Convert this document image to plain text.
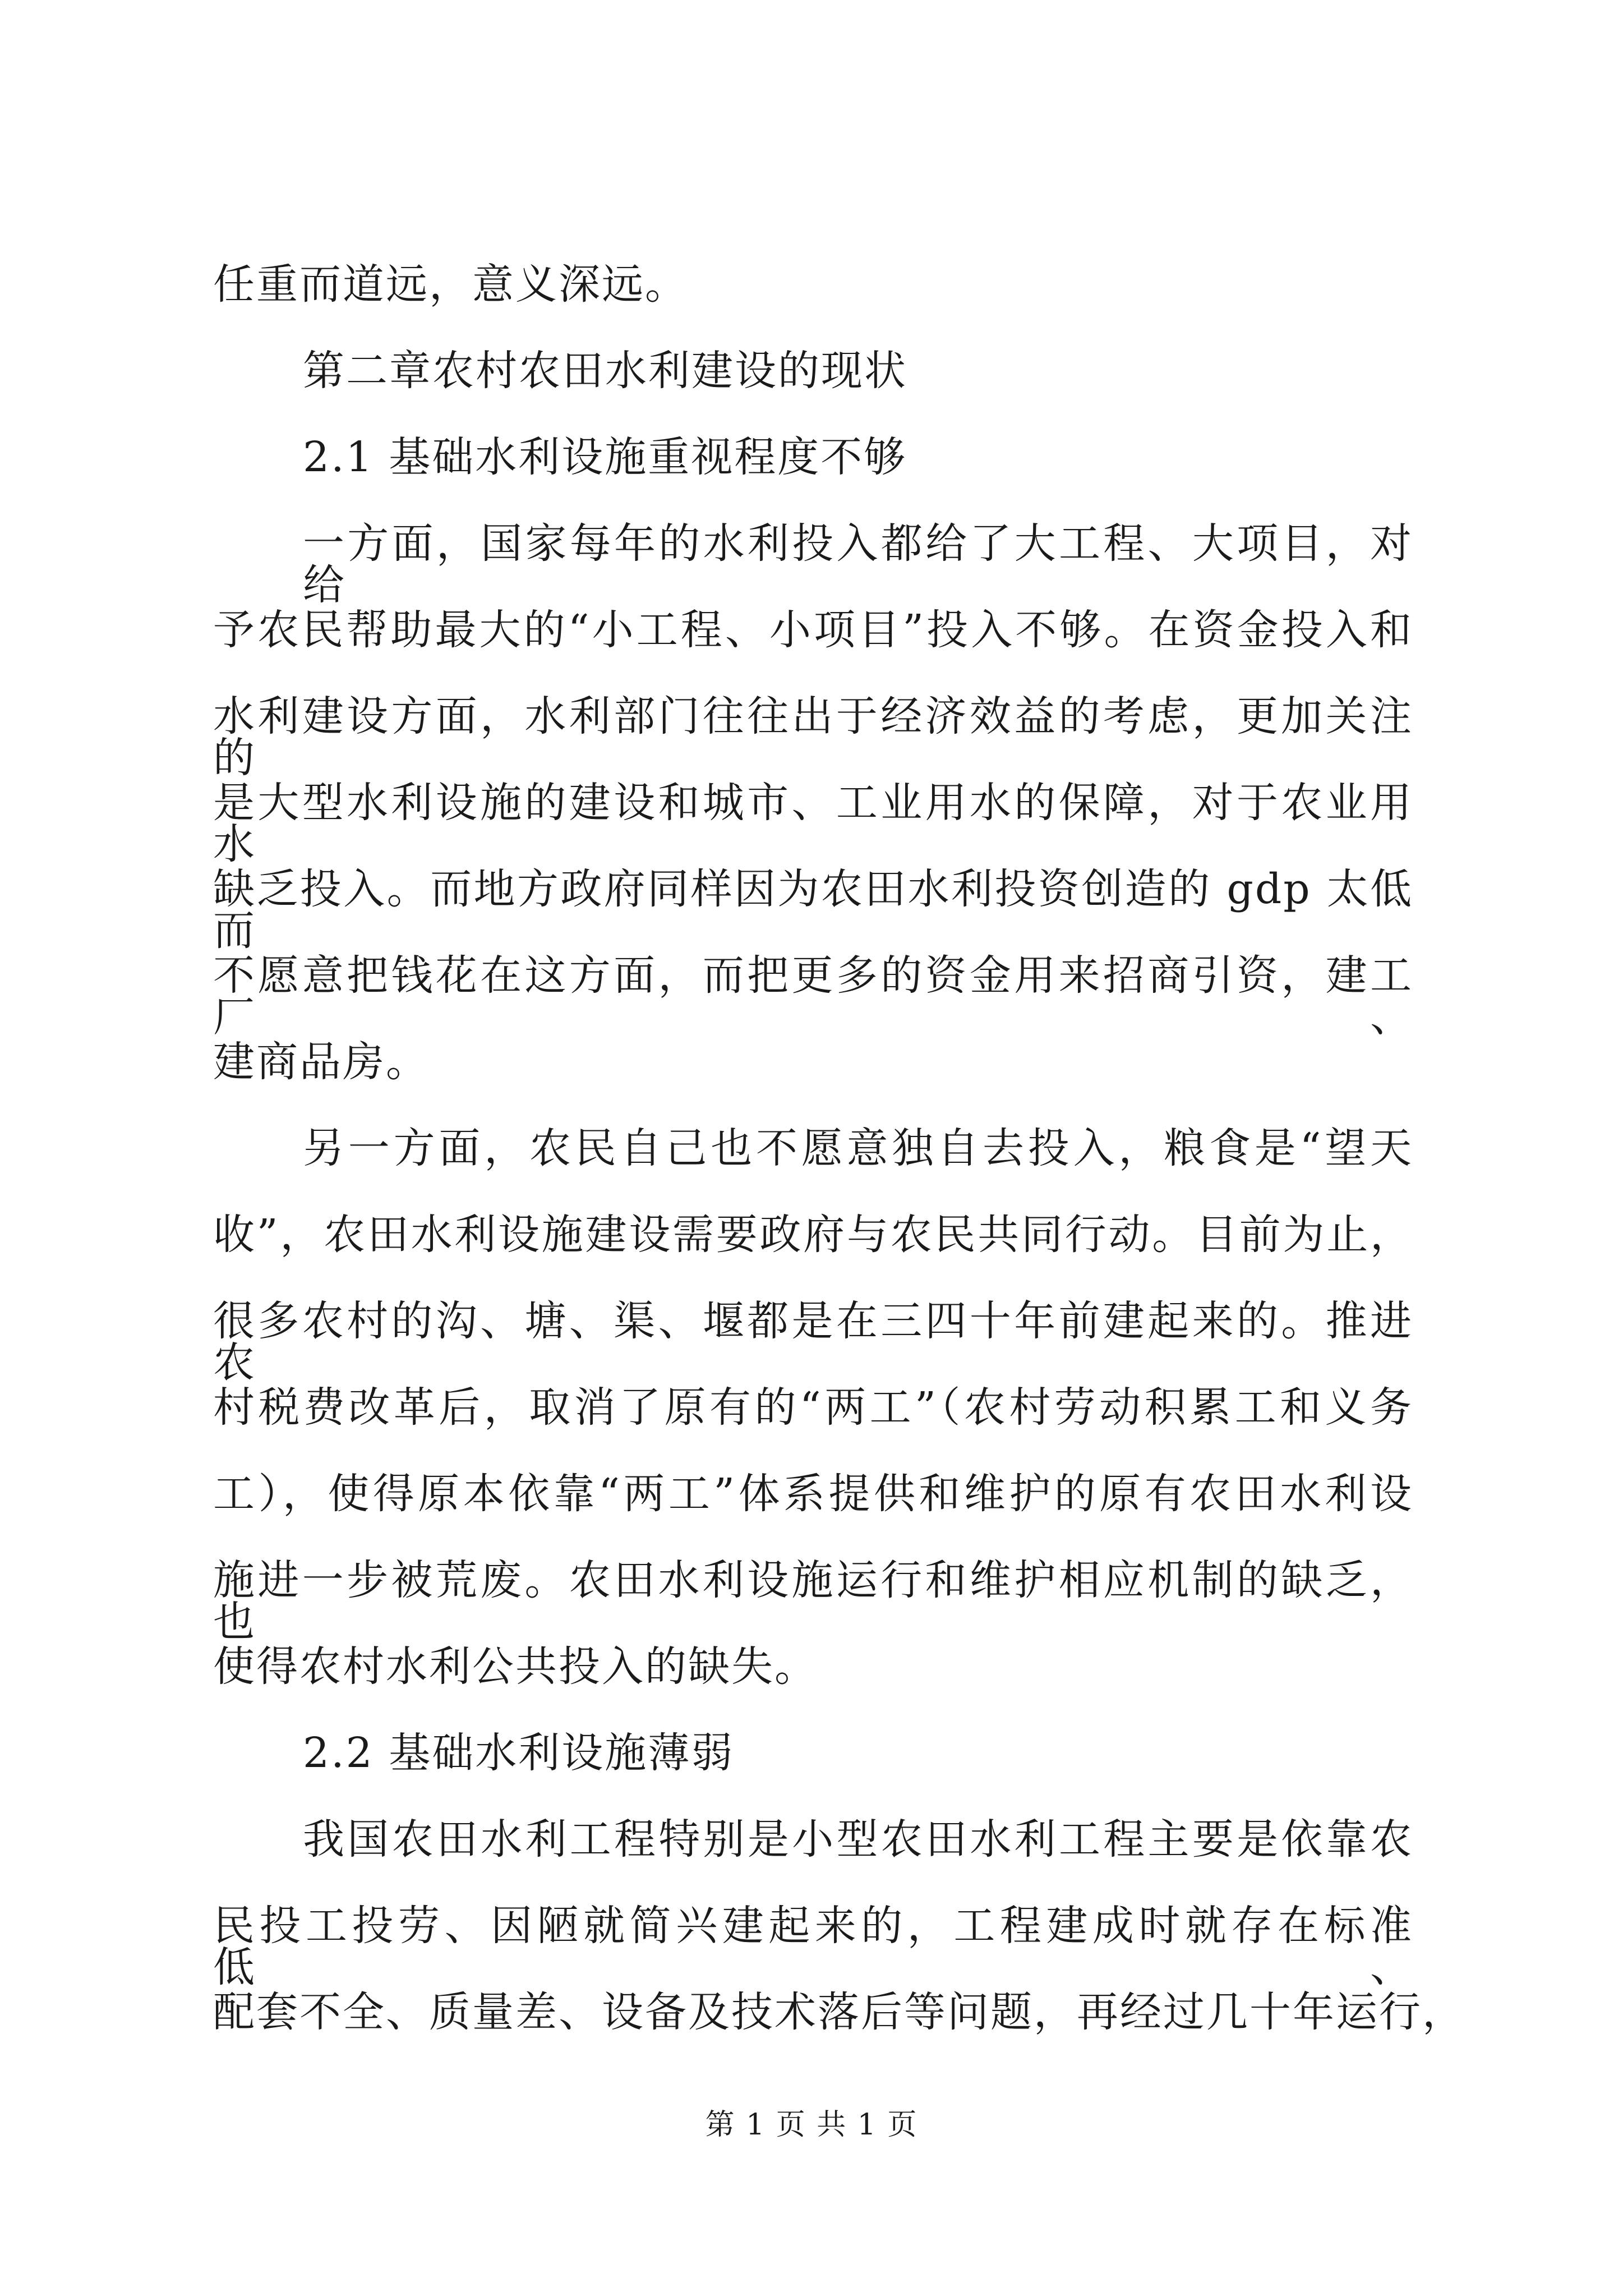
任重而道远，意义深远。
第二章农村农田水利建设的现状
2.1 基础水利设施重视程度不够
一方面，国家每年的水利投入都给了大工程、大项目，对给
予农民帮助最大的“小工程、小项目”投入不够。在资金投入和
水利建设方面，水利部门往往出于经济效益的考虑，更加关注的
是大型水利设施的建设和城市、工业用水的保障，对于农业用水
缺乏投入。而地方政府同样因为农田水利投资创造的 gdp 太低而
不愿意把钱花在这方面，而把更多的资金用来招商引资，建工厂、
建商品房。
另一方面，农民自己也不愿意独自去投入，粮食是“望天
收”，农田水利设施建设需要政府与农民共同行动。目前为止，
很多农村的沟、塘、渠、堰都是在三四十年前建起来的。推进农
村税费改革后，取消了原有的“两工”（农村劳动积累工和义务
工），使得原本依靠“两工”体系提供和维护的原有农田水利设
施进一步被荒废。农田水利设施运行和维护相应机制的缺乏，也
使得农村水利公共投入的缺失。
2.2 基础水利设施薄弱
我国农田水利工程特别是小型农田水利工程主要是依靠农
民投工投劳、因陋就简兴建起来的，工程建成时就存在标准低、
配套不全、质量差、设备及技术落后等问题，再经过几十年运行，
第 1 页 共 1 页
